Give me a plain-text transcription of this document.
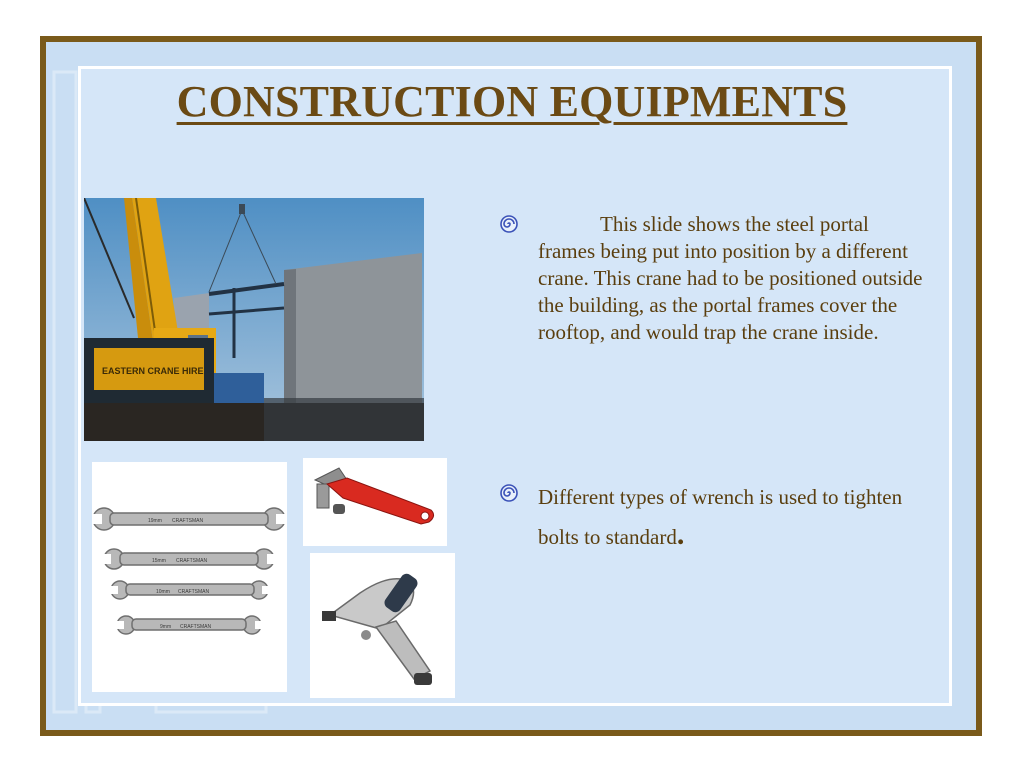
CONSTRUCTION EQUIPMENTS
EASTERN CRANE HIRE
19mm CRAFTSMAN
15mm CRAFTSMAN
10mm CRAFTSMAN
9mm CRAFTSMAN

This slide shows the steel portal frames being put into position by a different crane. This crane had to be positioned outside the building, as the portal frames cover the rooftop, and would trap the crane inside.

Different types of wrench is used to tighten bolts to standard.
